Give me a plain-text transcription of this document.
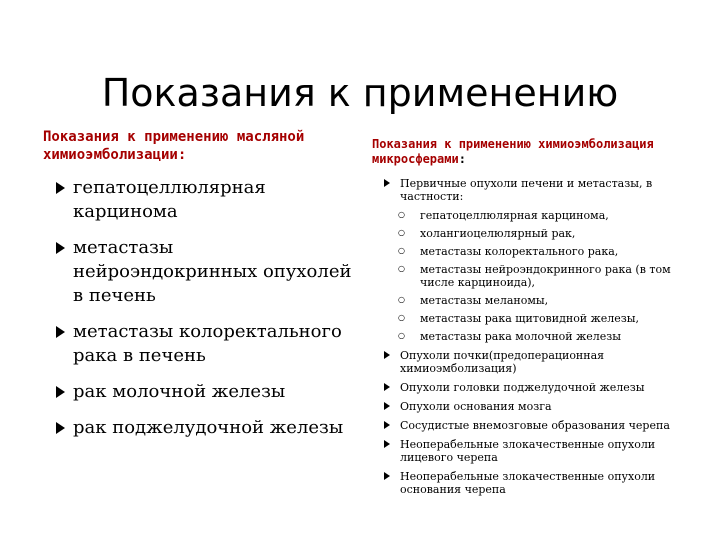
Показания к применению
Показания к применению масляной химиоэмболизации:
гепатоцеллюлярная карцинома
метастазы нейроэндокринных опухолей в печень
метастазы колоректального рака в печень
рак молочной железы
рак поджелудочной железы
Показания к применению химиоэмболизация микросферами:
Первичные опухоли печени и метастазы, в частности:
○ гепатоцеллюлярная карцинома,
○ холангиоцелюлярный рак,
○ метастазы колоректального рака,
○ метастазы нейроэндокринного рака (в том числе карциноида),
○ метастазы меланомы,
○ метастазы рака щитовидной железы,
○ метастазы рака молочной железы
Опухоли почки(предоперационная химиоэмболизация)
Опухоли головки поджелудочной железы
Опухоли основания мозга
Сосудистые внемозговые образования черепа
Неоперабельные злокачественные опухоли лицевого черепа
Неоперабельные злокачественные опухоли основания черепа
